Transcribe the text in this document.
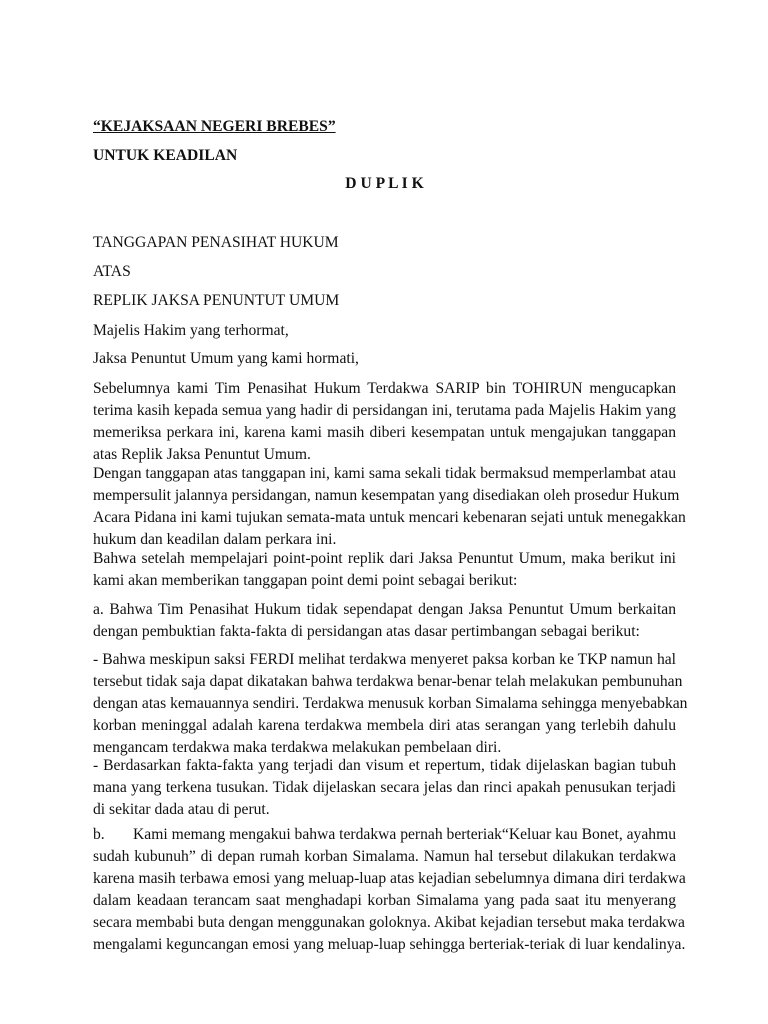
“KEJAKSAAN NEGERI BREBES”
UNTUK KEADILAN
D U P L I K
TANGGAPAN PENASIHAT HUKUM
ATAS
REPLIK JAKSA PENUNTUT UMUM
Majelis Hakim yang terhormat,
Jaksa Penuntut Umum yang kami hormati,
Sebelumnya kami Tim Penasihat Hukum Terdakwa SARIP bin TOHIRUN mengucapkan
terima kasih kepada semua yang hadir di persidangan ini, terutama pada Majelis Hakim yang
memeriksa perkara ini, karena kami masih diberi kesempatan untuk mengajukan tanggapan
atas Replik Jaksa Penuntut Umum.
Dengan tanggapan atas tanggapan ini, kami sama sekali tidak bermaksud memperlambat atau
mempersulit jalannya persidangan, namun kesempatan yang disediakan oleh prosedur Hukum
Acara Pidana ini kami tujukan semata-mata untuk mencari kebenaran sejati untuk menegakkan
hukum dan keadilan dalam perkara ini.
Bahwa setelah mempelajari point-point replik dari Jaksa Penuntut Umum, maka berikut ini
kami akan memberikan tanggapan point demi point sebagai berikut:
a. Bahwa Tim Penasihat Hukum tidak sependapat dengan Jaksa Penuntut Umum berkaitan
dengan pembuktian fakta-fakta di persidangan atas dasar pertimbangan sebagai berikut:
- Bahwa meskipun saksi FERDI melihat terdakwa menyeret paksa korban ke TKP namun hal
tersebut tidak saja dapat dikatakan bahwa terdakwa benar-benar telah melakukan pembunuhan
dengan atas kemauannya sendiri. Terdakwa menusuk korban Simalama sehingga menyebabkan
korban meninggal adalah karena terdakwa membela diri atas serangan yang terlebih dahulu
mengancam terdakwa maka terdakwa melakukan pembelaan diri.
- Berdasarkan fakta-fakta yang terjadi dan visum et repertum, tidak dijelaskan bagian tubuh
mana yang terkena tusukan. Tidak dijelaskan secara jelas dan rinci apakah penusukan terjadi
di sekitar dada atau di perut.
b.	Kami memang mengakui bahwa terdakwa pernah berteriak“Keluar kau Bonet, ayahmu
sudah kubunuh” di depan rumah korban Simalama. Namun hal tersebut dilakukan terdakwa
karena masih terbawa emosi yang meluap-luap atas kejadian sebelumnya dimana diri terdakwa
dalam keadaan terancam saat menghadapi korban Simalama yang pada saat itu menyerang
secara membabi buta dengan menggunakan goloknya. Akibat kejadian tersebut maka terdakwa
mengalami keguncangan emosi yang meluap-luap sehingga berteriak-teriak di luar kendalinya.
